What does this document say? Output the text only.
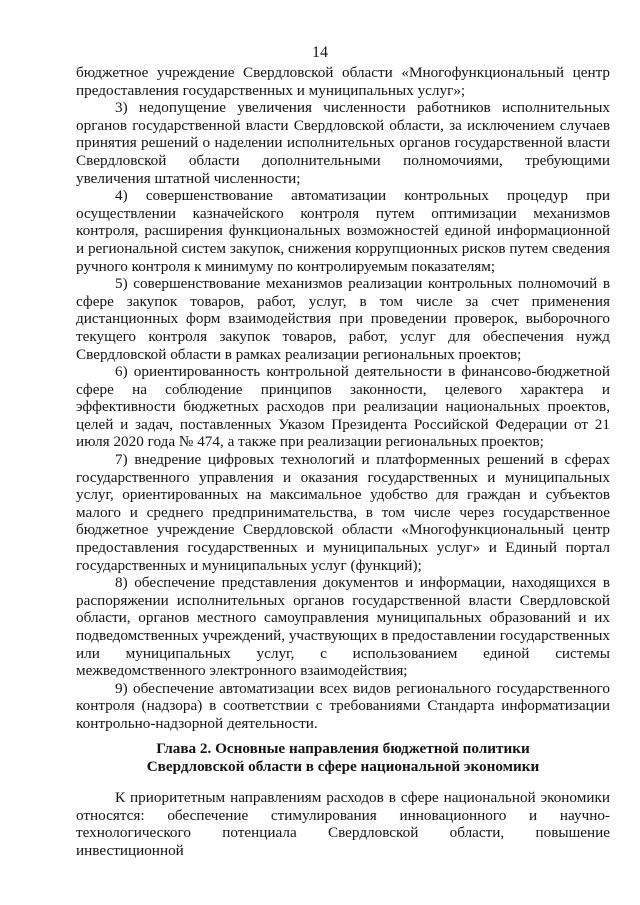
14

бюджетное учреждение Свердловской области «Многофункциональный центр предоставления государственных и муниципальных услуг»;

3) недопущение увеличения численности работников исполнительных органов государственной власти Свердловской области, за исключением случаев принятия решений о наделении исполнительных органов государственной власти Свердловской области дополнительными полномочиями, требующими увеличения штатной численности;

4) совершенствование автоматизации контрольных процедур при осуществлении казначейского контроля путем оптимизации механизмов контроля, расширения функциональных возможностей единой информационной и региональной систем закупок, снижения коррупционных рисков путем сведения ручного контроля к минимуму по контролируемым показателям;

5) совершенствование механизмов реализации контрольных полномочий в сфере закупок товаров, работ, услуг, в том числе за счет применения дистанционных форм взаимодействия при проведении проверок, выборочного текущего контроля закупок товаров, работ, услуг для обеспечения нужд Свердловской области в рамках реализации региональных проектов;

6) ориентированность контрольной деятельности в финансово-бюджетной сфере на соблюдение принципов законности, целевого характера и эффективности бюджетных расходов при реализации национальных проектов, целей и задач, поставленных Указом Президента Российской Федерации от 21 июля 2020 года № 474, а также при реализации региональных проектов;

7) внедрение цифровых технологий и платформенных решений в сферах государственного управления и оказания государственных и муниципальных услуг, ориентированных на максимальное удобство для граждан и субъектов малого и среднего предпринимательства, в том числе через государственное бюджетное учреждение Свердловской области «Многофункциональный центр предоставления государственных и муниципальных услуг» и Единый портал государственных и муниципальных услуг (функций);

8) обеспечение представления документов и информации, находящихся в распоряжении исполнительных органов государственной власти Свердловской области, органов местного самоуправления муниципальных образований и их подведомственных учреждений, участвующих в предоставлении государственных или муниципальных услуг, с использованием единой системы межведомственного электронного взаимодействия;

9) обеспечение автоматизации всех видов регионального государственного контроля (надзора) в соответствии с требованиями Стандарта информатизации контрольно-надзорной деятельности.

Глава 2. Основные направления бюджетной политики
Свердловской области в сфере национальной экономики

К приоритетным направлениям расходов в сфере национальной экономики относятся: обеспечение стимулирования инновационного и научно-технологического потенциала Свердловской области, повышение инвестиционной
